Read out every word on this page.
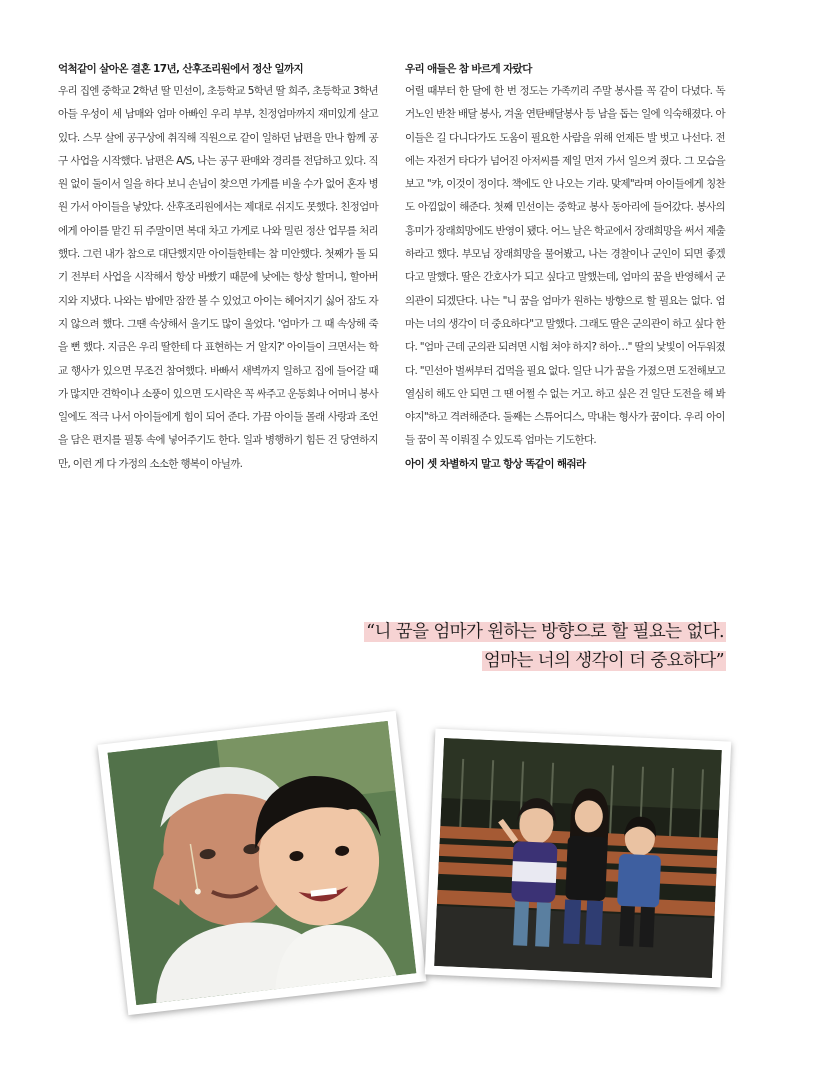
억척같이 살아온 결혼 17년, 산후조리원에서 정산 일까지

우리 집엔 중학교 2학년 딸 민선이, 초등학교 5학년 딸 희주, 초등학교 3학년 아들 우성이 세 남매와 엄마 아빠인 우리 부부, 친정엄마까지 재미있게 살고 있다. 스무 살에 공구상에 취직해 직원으로 같이 일하던 남편을 만나 함께 공구 사업을 시작했다. 남편은 A/S, 나는 공구 판매와 경리를 전담하고 있다. 직원 없이 둘이서 일을 하다 보니 손님이 찾으면 가게를 비울 수가 없어 혼자 병원 가서 아이들을 낳았다. 산후조리원에서는 제대로 쉬지도 못했다. 친정엄마에게 아이를 맡긴 뒤 주말이면 복대 차고 가게로 나와 밀린 정산 업무를 처리했다. 그런 내가 참으로 대단했지만 아이들한테는 참 미안했다. 첫째가 돌 되기 전부터 사업을 시작해서 항상 바빴기 때문에 낮에는 항상 할머니, 할아버지와 지냈다. 나와는 밤에만 잠깐 볼 수 있었고 아이는 헤어지기 싫어 잠도 자지 않으려 했다. 그땐 속상해서 울기도 많이 울었다. '엄마가 그 때 속상해 죽을 뻔 했다. 지금은 우리 딸한테 다 표현하는 거 알지?' 아이들이 크면서는 학교 행사가 있으면 무조건 참여했다. 바빠서 새벽까지 일하고 집에 들어갈 때가 많지만 견학이나 소풍이 있으면 도시락은 꼭 싸주고 운동회나 어머니 봉사 일에도 적극 나서 아이들에게 힘이 되어 준다. 가끔 아이들 몰래 사랑과 조언을 담은 편지를 필통 속에 넣어주기도 한다. 일과 병행하기 힘든 건 당연하지만, 이런 게 다 가정의 소소한 행복이 아닐까.

우리 애들은 참 바르게 자랐다

어릴 때부터 한 달에 한 번 정도는 가족끼리 주말 봉사를 꼭 같이 다녔다. 독거노인 반찬 배달 봉사, 겨울 연탄배달봉사 등 남을 돕는 일에 익숙해졌다. 아이들은 길 다니다가도 도움이 필요한 사람을 위해 언제든 발 벗고 나선다. 전에는 자전거 타다가 넘어진 아저씨를 제일 먼저 가서 일으켜 줬다. 그 모습을 보고 "캬, 이것이 정이다. 책에도 안 나오는 기라. 맞제"라며 아이들에게 칭찬도 아낌없이 해준다. 첫째 민선이는 중학교 봉사 동아리에 들어갔다. 봉사의 흥미가 장래희망에도 반영이 됐다. 어느 날은 학교에서 장래희망을 써서 제출하라고 했다. 부모님 장래희망을 물어봤고, 나는 경찰이나 군인이 되면 좋겠다고 말했다. 딸은 간호사가 되고 싶다고 말했는데, 엄마의 꿈을 반영해서 군의관이 되겠단다. 나는 "니 꿈을 엄마가 원하는 방향으로 할 필요는 없다. 엄마는 너의 생각이 더 중요하다"고 말했다. 그래도 딸은 군의관이 하고 싶다 한다. "엄마 근데 군의관 되려면 시험 쳐야 하지? 하아…" 딸의 낯빛이 어두워졌다. "민선아 벌써부터 겁먹을 필요 없다. 일단 니가 꿈을 가졌으면 도전해보고 열심히 해도 안 되면 그 땐 어쩔 수 없는 거고. 하고 싶은 건 일단 도전을 해 봐야지"하고 격려해준다. 둘째는 스튜어디스, 막내는 형사가 꿈이다. 우리 아이들 꿈이 꼭 이뤄질 수 있도록 엄마는 기도한다.

아이 셋 차별하지 말고 항상 똑같이 해줘라

“니 꿈을 엄마가 원하는 방향으로 할 필요는 없다.
엄마는 너의 생각이 더 중요하다”
